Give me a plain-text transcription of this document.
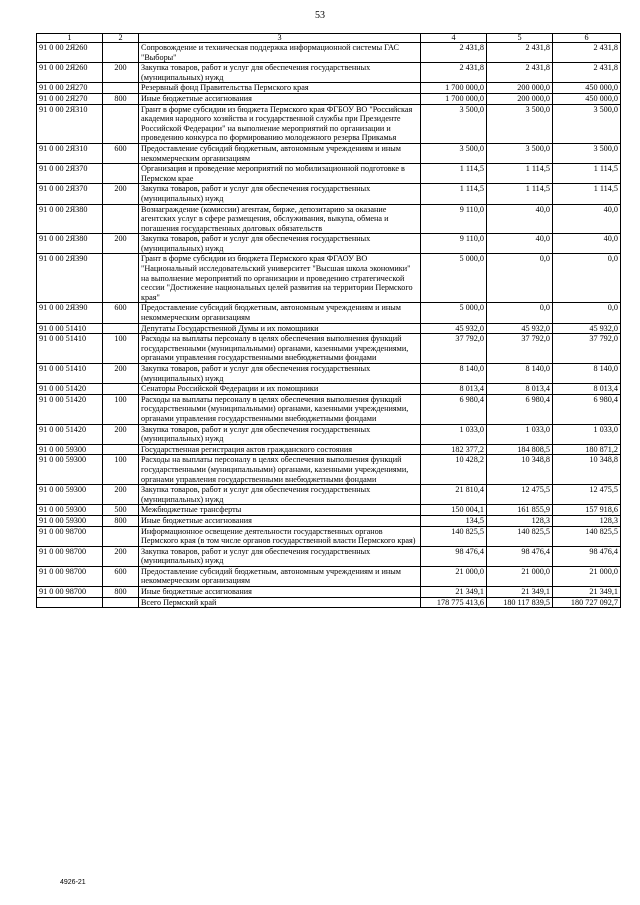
53
1	2	3	4	5	6
91 0 00 2Я260		Сопровождение и техническая поддержка информационной системы ГАС "Выборы"	2 431,8	2 431,8	2 431,8
91 0 00 2Я260	200	Закупка товаров, работ и услуг для обеспечения государственных (муниципальных) нужд	2 431,8	2 431,8	2 431,8
91 0 00 2Я270		Резервный фонд Правительства Пермского края	1 700 000,0	200 000,0	450 000,0
91 0 00 2Я270	800	Иные бюджетные ассигнования	1 700 000,0	200 000,0	450 000,0
91 0 00 2Я310		Грант в форме субсидии из бюджета Пермского края ФГБОУ ВО "Российская академия народного хозяйства и государственной службы при Президенте Российской Федерации" на выполнение мероприятий по организации и проведению конкурса по формированию молодежного резерва Прикамья	3 500,0	3 500,0	3 500,0
91 0 00 2Я310	600	Предоставление субсидий бюджетным, автономным учреждениям и иным некоммерческим организациям	3 500,0	3 500,0	3 500,0
91 0 00 2Я370		Организация и проведение мероприятий по мобилизационной подготовке в Пермском крае	1 114,5	1 114,5	1 114,5
91 0 00 2Я370	200	Закупка товаров, работ и услуг для обеспечения государственных (муниципальных) нужд	1 114,5	1 114,5	1 114,5
91 0 00 2Я380		Вознаграждение (комиссии) агентам, бирже, депозитарию за оказание агентских услуг в сфере размещения, обслуживания, выкупа, обмена и погашения государственных долговых обязательств	9 110,0	40,0	40,0
91 0 00 2Я380	200	Закупка товаров, работ и услуг для обеспечения государственных (муниципальных) нужд	9 110,0	40,0	40,0
91 0 00 2Я390		Грант в форме субсидии из бюджета Пермского края ФГАОУ ВО "Национальный исследовательский университет "Высшая школа экономики" на выполнение мероприятий по организации и проведению стратегической сессии "Достижение национальных целей развития на территории Пермского края"	5 000,0	0,0	0,0
91 0 00 2Я390	600	Предоставление субсидий бюджетным, автономным учреждениям и иным некоммерческим организациям	5 000,0	0,0	0,0
91 0 00 51410		Депутаты Государственной Думы и их помощники	45 932,0	45 932,0	45 932,0
91 0 00 51410	100	Расходы на выплаты персоналу в целях обеспечения выполнения функций государственными (муниципальными) органами, казенными учреждениями, органами управления государственными внебюджетными фондами	37 792,0	37 792,0	37 792,0
91 0 00 51410	200	Закупка товаров, работ и услуг для обеспечения государственных (муниципальных) нужд	8 140,0	8 140,0	8 140,0
91 0 00 51420		Сенаторы Российской Федерации и их помощники	8 013,4	8 013,4	8 013,4
91 0 00 51420	100	Расходы на выплаты персоналу в целях обеспечения выполнения функций государственными (муниципальными) органами, казенными учреждениями, органами управления государственными внебюджетными фондами	6 980,4	6 980,4	6 980,4
91 0 00 51420	200	Закупка товаров, работ и услуг для обеспечения государственных (муниципальных) нужд	1 033,0	1 033,0	1 033,0
91 0 00 59300		Государственная регистрация актов гражданского состояния	182 377,2	184 808,5	180 871,2
91 0 00 59300	100	Расходы на выплаты персоналу в целях обеспечения выполнения функций государственными (муниципальными) органами, казенными учреждениями, органами управления государственными внебюджетными фондами	10 428,2	10 348,8	10 348,8
91 0 00 59300	200	Закупка товаров, работ и услуг для обеспечения государственных (муниципальных) нужд	21 810,4	12 475,5	12 475,5
91 0 00 59300	500	Межбюджетные трансферты	150 004,1	161 855,9	157 918,6
91 0 00 59300	800	Иные бюджетные ассигнования	134,5	128,3	128,3
91 0 00 98700		Информационное освещение деятельности государственных органов Пермского края (в том числе органов государственной власти Пермского края)	140 825,5	140 825,5	140 825,5
91 0 00 98700	200	Закупка товаров, работ и услуг для обеспечения государственных (муниципальных) нужд	98 476,4	98 476,4	98 476,4
91 0 00 98700	600	Предоставление субсидий бюджетным, автономным учреждениям и иным некоммерческим организациям	21 000,0	21 000,0	21 000,0
91 0 00 98700	800	Иные бюджетные ассигнования	21 349,1	21 349,1	21 349,1
		Всего Пермский край	178 775 413,6	180 117 839,5	180 727 092,7
4926-21
